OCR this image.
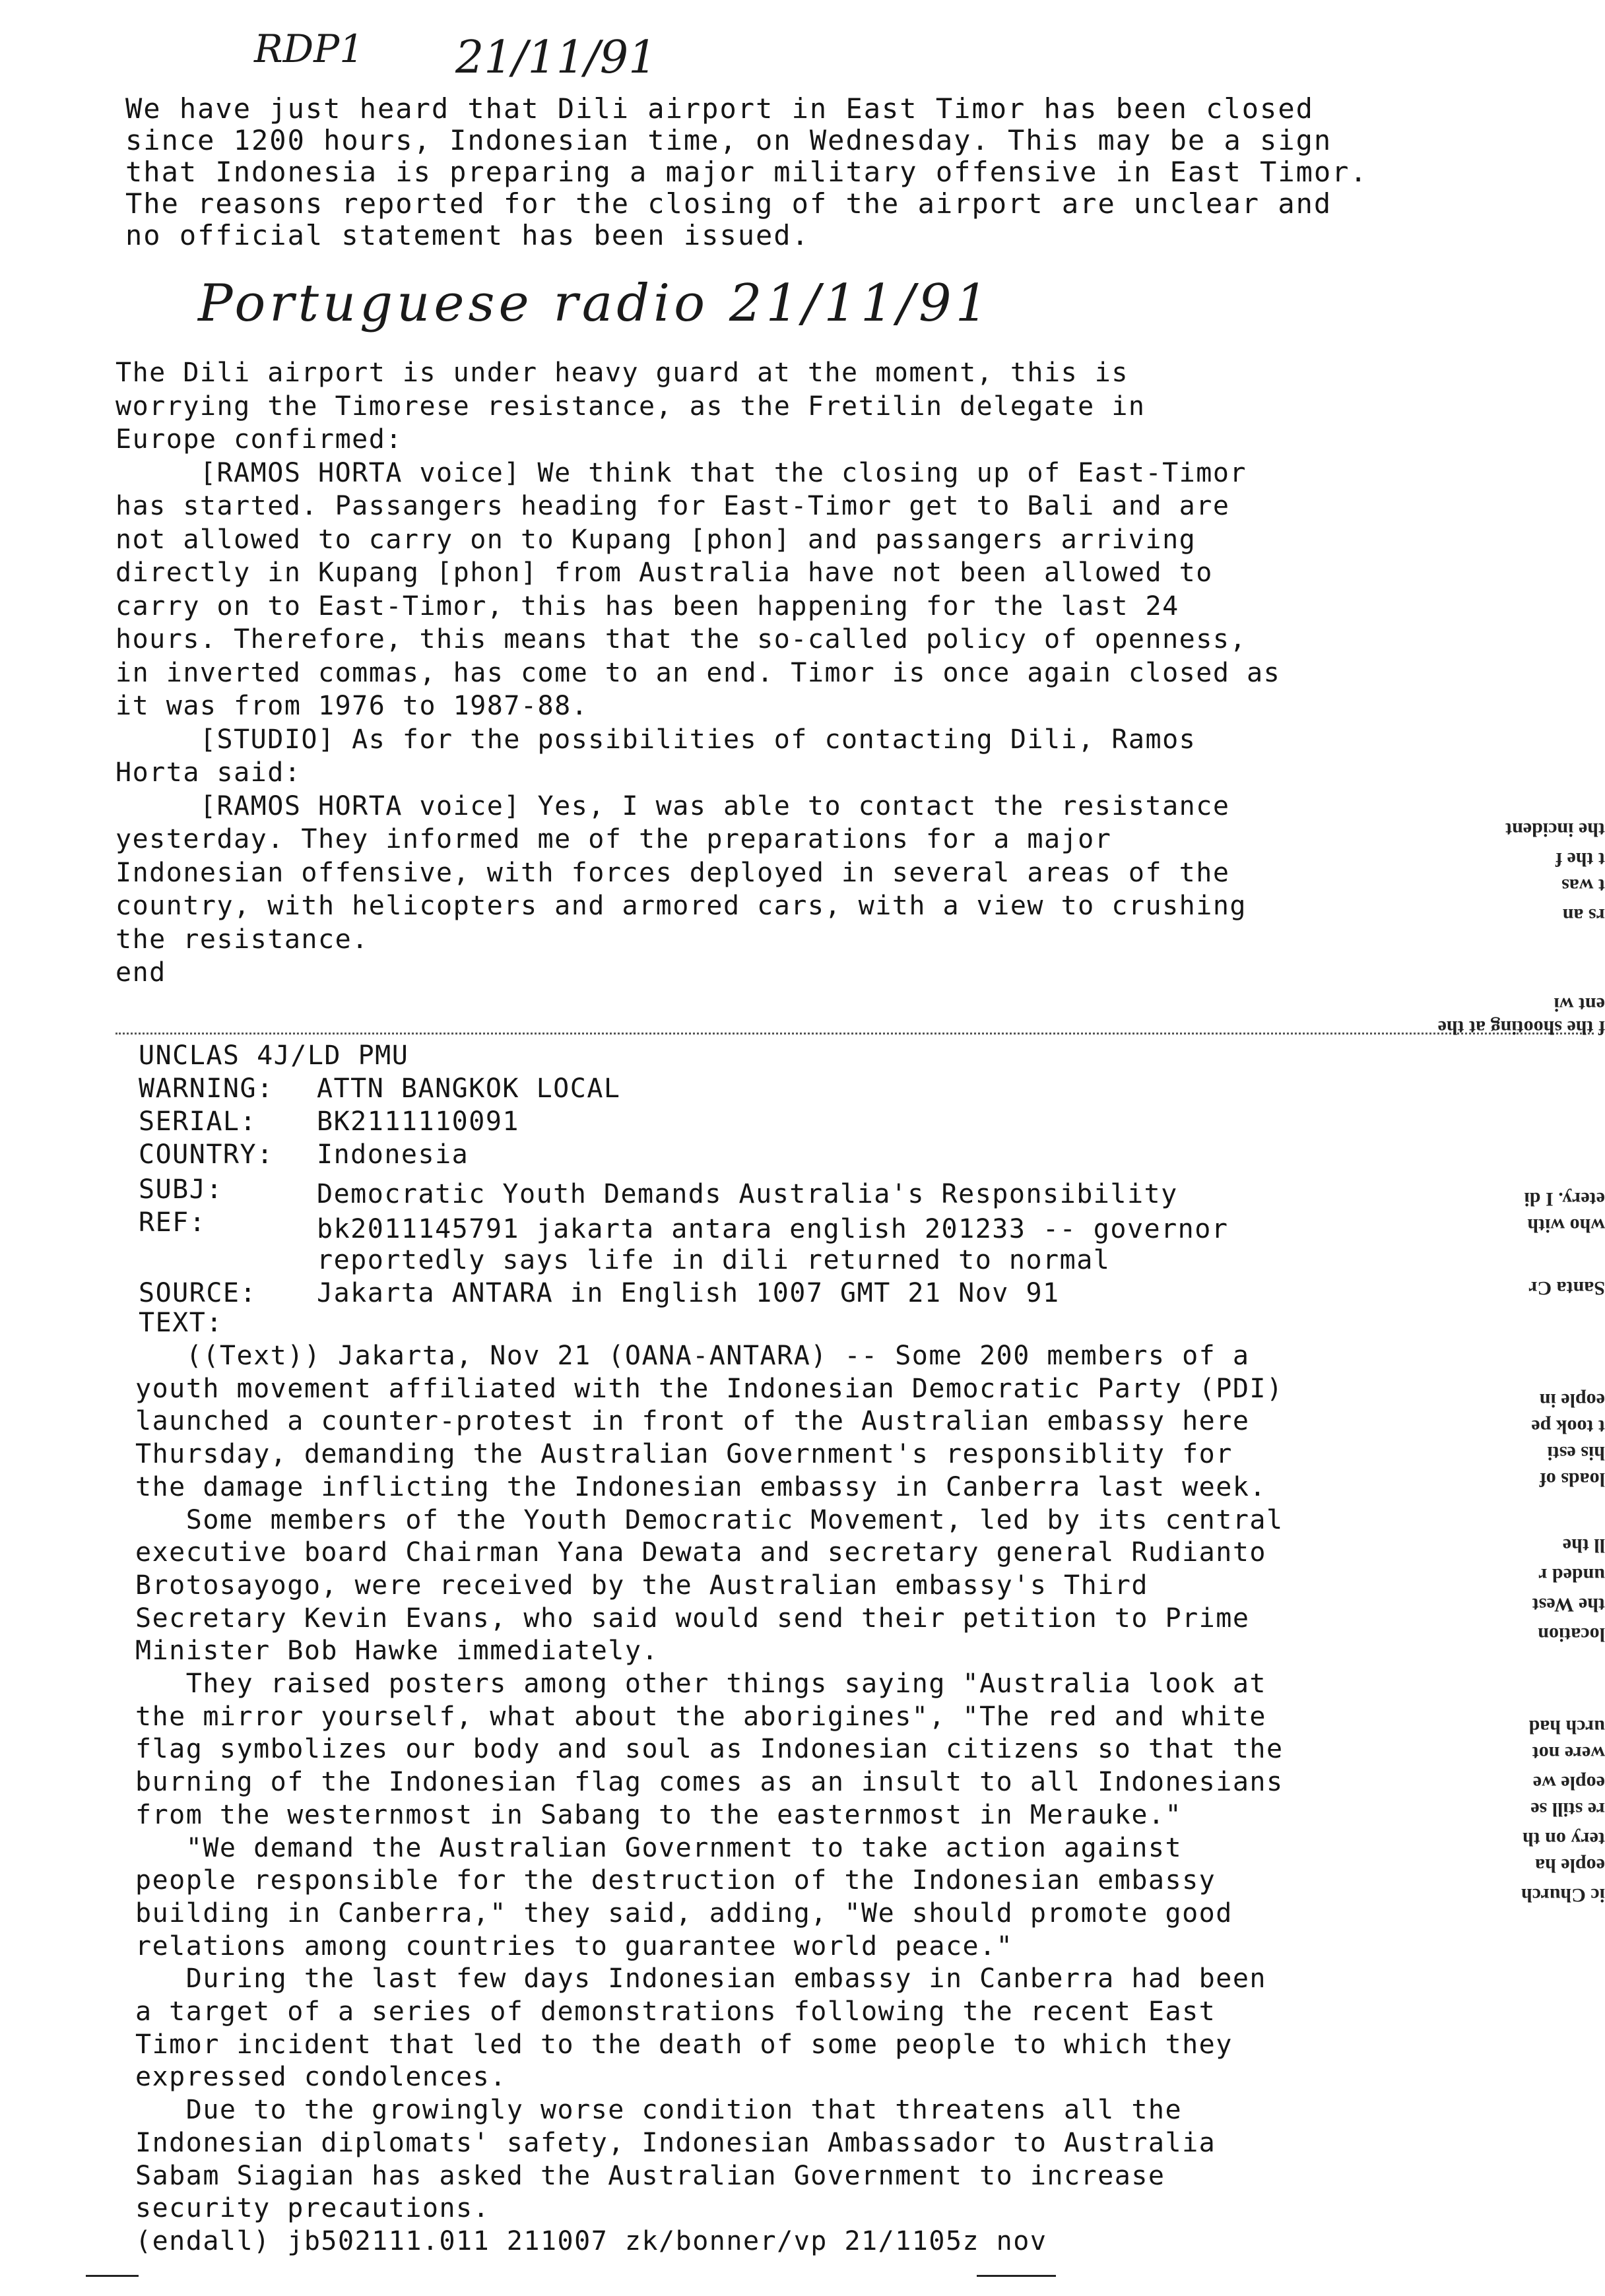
RDP1 21/11/91
We have just heard that Dili airport in East Timor has been closed
since 1200 hours, Indonesian time, on Wednesday. This may be a sign
that Indonesia is preparing a major military offensive in East Timor.
The reasons reported for the closing of the airport are unclear and
no official statement has been issued.
Portuguese radio 21/11/91
The Dili airport is under heavy guard at the moment, this is
worrying the Timorese resistance, as the Fretilin delegate in
Europe confirmed:
[RAMOS HORTA voice] We think that the closing up of East-Timor
has started. Passangers heading for East-Timor get to Bali and are
not allowed to carry on to Kupang [phon] and passangers arriving
directly in Kupang [phon] from Australia have not been allowed to
carry on to East-Timor, this has been happening for the last 24
hours. Therefore, this means that the so-called policy of openness,
in inverted commas, has come to an end. Timor is once again closed as
it was from 1976 to 1987-88.
[STUDIO] As for the possibilities of contacting Dili, Ramos
Horta said:
[RAMOS HORTA voice] Yes, I was able to contact the resistance
yesterday. They informed me of the preparations for a major
Indonesian offensive, with forces deployed in several areas of the
country, with helicopters and armored cars, with a view to crushing
the resistance.
end
UNCLAS 4J/LD PMU
WARNING: ATTN BANGKOK LOCAL
SERIAL: BK2111110091
COUNTRY: Indonesia
SUBJ:	Democratic Youth Demands Australia's Responsibility
REF:	bk2011145791 jakarta antara english 201233 -- governor
reportedly says life in dili returned to normal
SOURCE: Jakarta ANTARA in English 1007 GMT 21 Nov 91
TEXT:
((Text)) Jakarta, Nov 21 (OANA-ANTARA) -- Some 200 members of a
youth movement affiliated with the Indonesian Democratic Party (PDI)
launched a counter-protest in front of the Australian embassy here
Thursday, demanding the Australian Government's responsiblity for
the damage inflicting the Indonesian embassy in Canberra last week.
Some members of the Youth Democratic Movement, led by its central
executive board Chairman Yana Dewata and secretary general Rudianto
Brotosayogo, were received by the Australian embassy's Third
Secretary Kevin Evans, who said would send their petition to Prime
Minister Bob Hawke immediately.
They raised posters among other things saying "Australia look at
the mirror yourself, what about the aborigines", "The red and white
flag symbolizes our body and soul as Indonesian citizens so that the
burning of the Indonesian flag comes as an insult to all Indonesians
from the westernmost in Sabang to the easternmost in Merauke."
"We demand the Australian Government to take action against
people responsible for the destruction of the Indonesian embassy
building in Canberra," they said, adding, "We should promote good
relations among countries to guarantee world peace."
During the last few days Indonesian embassy in Canberra had been
a target of a series of demonstrations following the recent East
Timor incident that led to the death of some people to which they
expressed condolences.
Due to the growingly worse condition that threatens all the
Indonesian diplomats' safety, Indonesian Ambassador to Australia
Sabam Siagian has asked the Australian Government to increase
security precautions.
(endall) jb502111.011 211007 zk/bonner/vp 21/1105z nov
the incident
t the f
t was
rs an
ent wi
f the shooting at the
etery. I di
who with
Santa Cr
eople in
t took pe
his esti
loads of
ll the
unded r
the West
location
urch had
were not
eople we
re still se
tery on th
eople ha
ic Church
